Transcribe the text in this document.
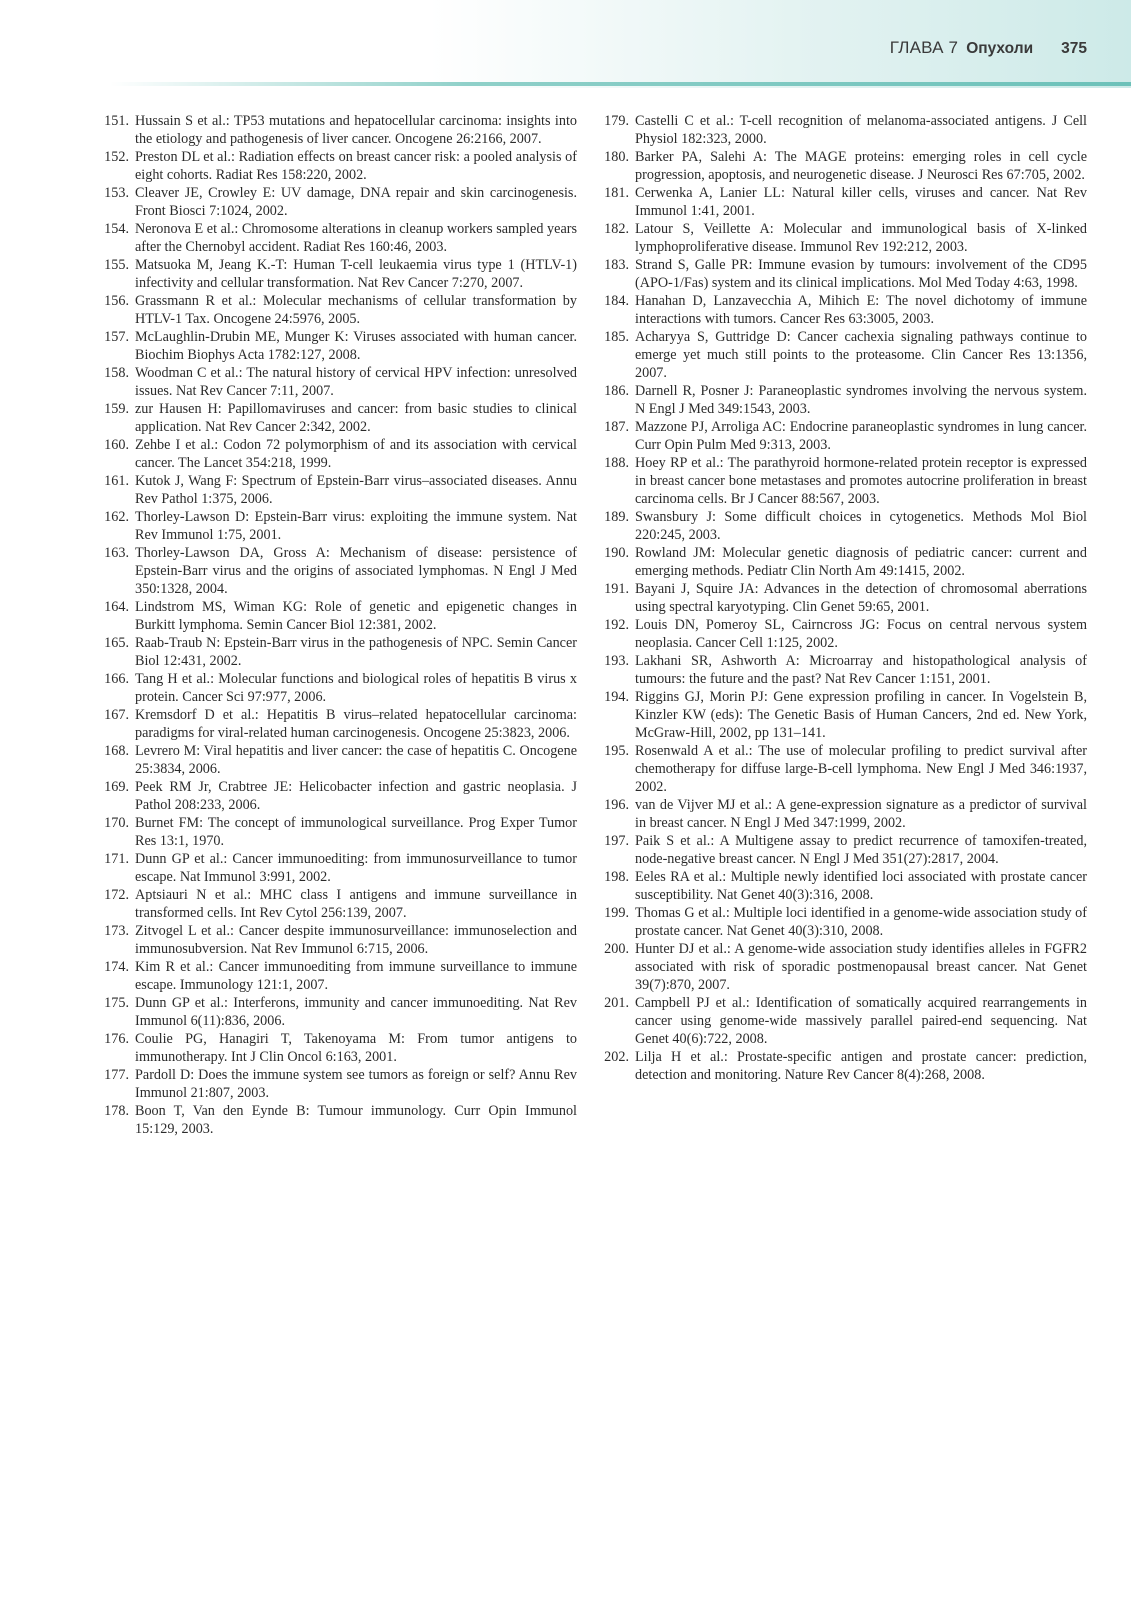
ГЛАВА 7 Опухоли 375
151. Hussain S et al.: TP53 mutations and hepatocellular carcinoma: insights into the etiology and pathogenesis of liver cancer. Oncogene 26:2166, 2007.
152. Preston DL et al.: Radiation effects on breast cancer risk: a pooled analysis of eight cohorts. Radiat Res 158:220, 2002.
153. Cleaver JE, Crowley E: UV damage, DNA repair and skin carcinogenesis. Front Biosci 7:1024, 2002.
154. Neronova E et al.: Chromosome alterations in cleanup workers sampled years after the Chernobyl accident. Radiat Res 160:46, 2003.
155. Matsuoka M, Jeang K.-T: Human T-cell leukaemia virus type 1 (HTLV-1) infectivity and cellular transformation. Nat Rev Cancer 7:270, 2007.
156. Grassmann R et al.: Molecular mechanisms of cellular transformation by HTLV-1 Tax. Oncogene 24:5976, 2005.
157. McLaughlin-Drubin ME, Munger K: Viruses associated with human cancer. Biochim Biophys Acta 1782:127, 2008.
158. Woodman C et al.: The natural history of cervical HPV infection: unresolved issues. Nat Rev Cancer 7:11, 2007.
159. zur Hausen H: Papillomaviruses and cancer: from basic studies to clinical application. Nat Rev Cancer 2:342, 2002.
160. Zehbe I et al.: Codon 72 polymorphism of and its association with cervical cancer. The Lancet 354:218, 1999.
161. Kutok J, Wang F: Spectrum of Epstein-Barr virus–associated diseases. Annu Rev Pathol 1:375, 2006.
162. Thorley-Lawson D: Epstein-Barr virus: exploiting the immune system. Nat Rev Immunol 1:75, 2001.
163. Thorley-Lawson DA, Gross A: Mechanism of disease: persistence of Epstein-Barr virus and the origins of associated lymphomas. N Engl J Med 350:1328, 2004.
164. Lindstrom MS, Wiman KG: Role of genetic and epigenetic changes in Burkitt lymphoma. Semin Cancer Biol 12:381, 2002.
165. Raab-Traub N: Epstein-Barr virus in the pathogenesis of NPC. Semin Cancer Biol 12:431, 2002.
166. Tang H et al.: Molecular functions and biological roles of hepatitis B virus x protein. Cancer Sci 97:977, 2006.
167. Kremsdorf D et al.: Hepatitis B virus–related hepatocellular carcinoma: paradigms for viral-related human carcinogenesis. Oncogene 25:3823, 2006.
168. Levrero M: Viral hepatitis and liver cancer: the case of hepatitis C. Oncogene 25:3834, 2006.
169. Peek RM Jr, Crabtree JE: Helicobacter infection and gastric neoplasia. J Pathol 208:233, 2006.
170. Burnet FM: The concept of immunological surveillance. Prog Exper Tumor Res 13:1, 1970.
171. Dunn GP et al.: Cancer immunoediting: from immunosurveillance to tumor escape. Nat Immunol 3:991, 2002.
172. Aptsiauri N et al.: MHC class I antigens and immune surveillance in transformed cells. Int Rev Cytol 256:139, 2007.
173. Zitvogel L et al.: Cancer despite immunosurveillance: immunoselection and immunosubversion. Nat Rev Immunol 6:715, 2006.
174. Kim R et al.: Cancer immunoediting from immune surveillance to immune escape. Immunology 121:1, 2007.
175. Dunn GP et al.: Interferons, immunity and cancer immunoediting. Nat Rev Immunol 6(11):836, 2006.
176. Coulie PG, Hanagiri T, Takenoyama M: From tumor antigens to immunotherapy. Int J Clin Oncol 6:163, 2001.
177. Pardoll D: Does the immune system see tumors as foreign or self? Annu Rev Immunol 21:807, 2003.
178. Boon T, Van den Eynde B: Tumour immunology. Curr Opin Immunol 15:129, 2003.
179. Castelli C et al.: T-cell recognition of melanoma-associated antigens. J Cell Physiol 182:323, 2000.
180. Barker PA, Salehi A: The MAGE proteins: emerging roles in cell cycle progression, apoptosis, and neurogenetic disease. J Neurosci Res 67:705, 2002.
181. Cerwenka A, Lanier LL: Natural killer cells, viruses and cancer. Nat Rev Immunol 1:41, 2001.
182. Latour S, Veillette A: Molecular and immunological basis of X-linked lymphoproliferative disease. Immunol Rev 192:212, 2003.
183. Strand S, Galle PR: Immune evasion by tumours: involvement of the CD95 (APO-1/Fas) system and its clinical implications. Mol Med Today 4:63, 1998.
184. Hanahan D, Lanzavecchia A, Mihich E: The novel dichotomy of immune interactions with tumors. Cancer Res 63:3005, 2003.
185. Acharyya S, Guttridge D: Cancer cachexia signaling pathways continue to emerge yet much still points to the proteasome. Clin Cancer Res 13:1356, 2007.
186. Darnell R, Posner J: Paraneoplastic syndromes involving the nervous system. N Engl J Med 349:1543, 2003.
187. Mazzone PJ, Arroliga AC: Endocrine paraneoplastic syndromes in lung cancer. Curr Opin Pulm Med 9:313, 2003.
188. Hoey RP et al.: The parathyroid hormone-related protein receptor is expressed in breast cancer bone metastases and promotes autocrine proliferation in breast carcinoma cells. Br J Cancer 88:567, 2003.
189. Swansbury J: Some difficult choices in cytogenetics. Methods Mol Biol 220:245, 2003.
190. Rowland JM: Molecular genetic diagnosis of pediatric cancer: current and emerging methods. Pediatr Clin North Am 49:1415, 2002.
191. Bayani J, Squire JA: Advances in the detection of chromosomal aberrations using spectral karyotyping. Clin Genet 59:65, 2001.
192. Louis DN, Pomeroy SL, Cairncross JG: Focus on central nervous system neoplasia. Cancer Cell 1:125, 2002.
193. Lakhani SR, Ashworth A: Microarray and histopathological analysis of tumours: the future and the past? Nat Rev Cancer 1:151, 2001.
194. Riggins GJ, Morin PJ: Gene expression profiling in cancer. In Vogelstein B, Kinzler KW (eds): The Genetic Basis of Human Cancers, 2nd ed. New York, McGraw-Hill, 2002, pp 131–141.
195. Rosenwald A et al.: The use of molecular profiling to predict survival after chemotherapy for diffuse large-B-cell lymphoma. New Engl J Med 346:1937, 2002.
196. van de Vijver MJ et al.: A gene-expression signature as a predictor of survival in breast cancer. N Engl J Med 347:1999, 2002.
197. Paik S et al.: A Multigene assay to predict recurrence of tamoxifen-treated, node-negative breast cancer. N Engl J Med 351(27):2817, 2004.
198. Eeles RA et al.: Multiple newly identified loci associated with prostate cancer susceptibility. Nat Genet 40(3):316, 2008.
199. Thomas G et al.: Multiple loci identified in a genome-wide association study of prostate cancer. Nat Genet 40(3):310, 2008.
200. Hunter DJ et al.: A genome-wide association study identifies alleles in FGFR2 associated with risk of sporadic postmenopausal breast cancer. Nat Genet 39(7):870, 2007.
201. Campbell PJ et al.: Identification of somatically acquired rearrangements in cancer using genome-wide massively parallel paired-end sequencing. Nat Genet 40(6):722, 2008.
202. Lilja H et al.: Prostate-specific antigen and prostate cancer: prediction, detection and monitoring. Nature Rev Cancer 8(4):268, 2008.
